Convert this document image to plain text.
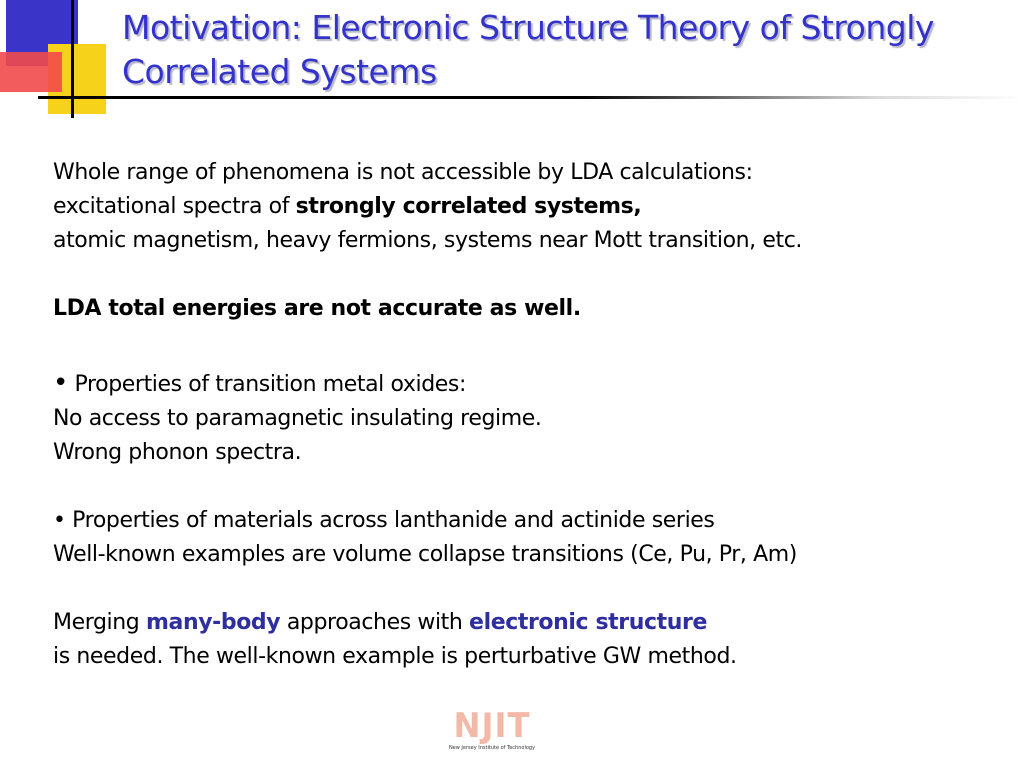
Motivation: Electronic Structure Theory of Strongly Correlated Systems

Whole range of phenomena is not accessible by LDA calculations:

excitational spectra of strongly correlated systems,

atomic magnetism, heavy fermions, systems near Mott transition, etc.

LDA total energies are not accurate as well.

• Properties of transition metal oxides:

No access to paramagnetic insulating regime.

Wrong phonon spectra.

• Properties of materials across lanthanide and actinide series

Well-known examples are volume collapse transitions (Ce, Pu, Pr, Am)

Merging many-body approaches with electronic structure

is needed. The well-known example is perturbative GW method.

NJIT
New Jersey Institute of Technology
